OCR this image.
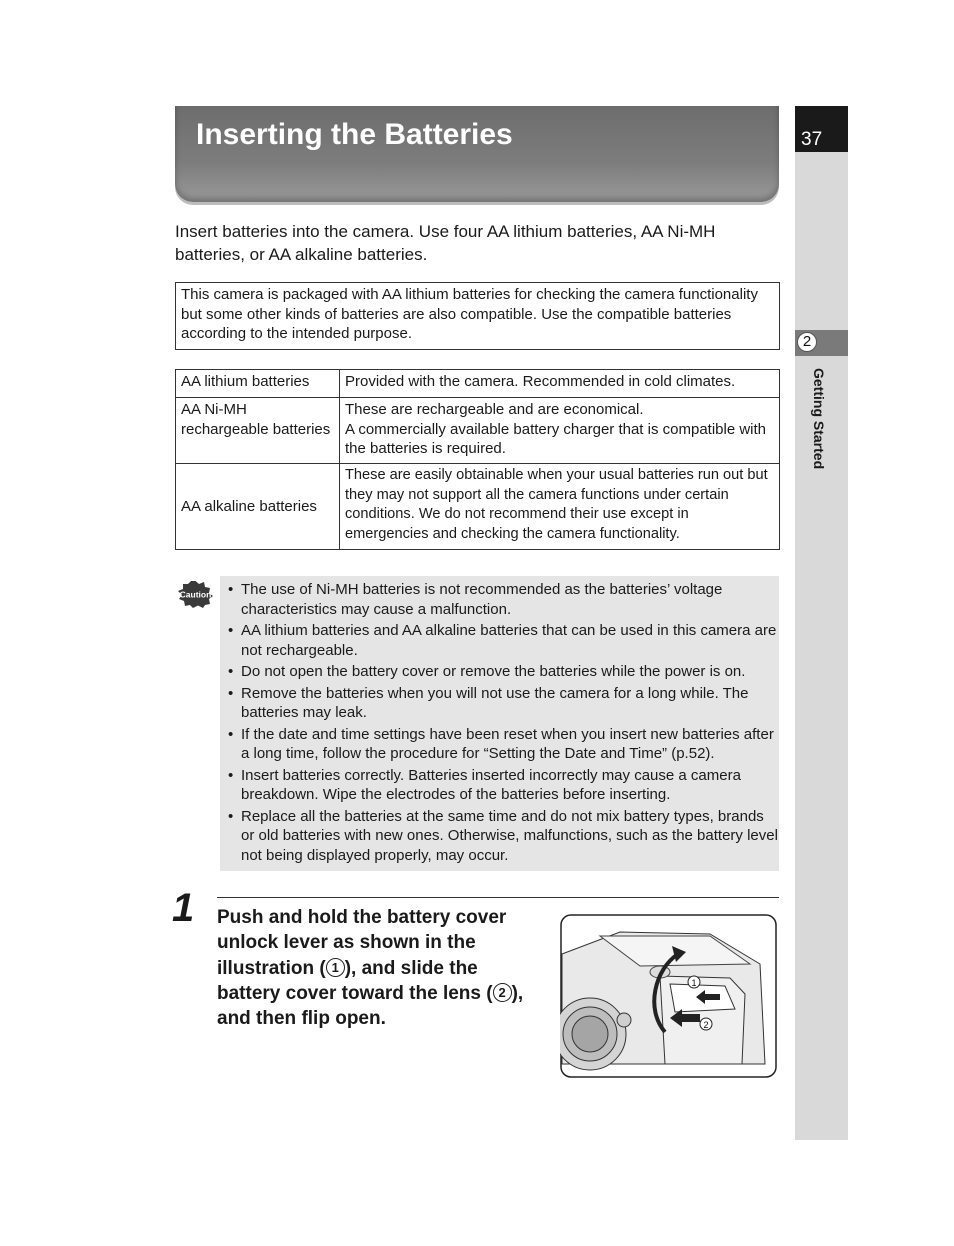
37
2
Getting Started
Inserting the Batteries

Insert batteries into the camera. Use four AA lithium batteries, AA Ni-MH batteries, or AA alkaline batteries.

This camera is packaged with AA lithium batteries for checking the camera functionality but some other kinds of batteries are also compatible. Use the compatible batteries according to the intended purpose.
AA lithium batteries	Provided with the camera. Recommended in cold climates.
AA Ni-MH rechargeable batteries	These are rechargeable and are economical.
A commercially available battery charger that is compatible with the batteries is required.
AA alkaline batteries	These are easily obtainable when your usual batteries run out but they may not support all the camera functions under certain conditions. We do not recommend their use except in emergencies and checking the camera functionality.
Caution	• The use of Ni-MH batteries is not recommended as the batteries’ voltage characteristics may cause a malfunction.
• AA lithium batteries and AA alkaline batteries that can be used in this camera are not rechargeable.
• Do not open the battery cover or remove the batteries while the power is on.
• Remove the batteries when you will not use the camera for a long while. The batteries may leak.
• If the date and time settings have been reset when you insert new batteries after a long time, follow the procedure for “Setting the Date and Time” (p.52).
• Insert batteries correctly. Batteries inserted incorrectly may cause a camera breakdown. Wipe the electrodes of the batteries before inserting.
• Replace all the batteries at the same time and do not mix battery types, brands or old batteries with new ones. Otherwise, malfunctions, such as the battery level not being displayed properly, may occur.
1 Push and hold the battery cover unlock lever as shown in the illustration ( 1 ), and slide the battery cover toward the lens ( 2 ), and then flip open.

1
2
